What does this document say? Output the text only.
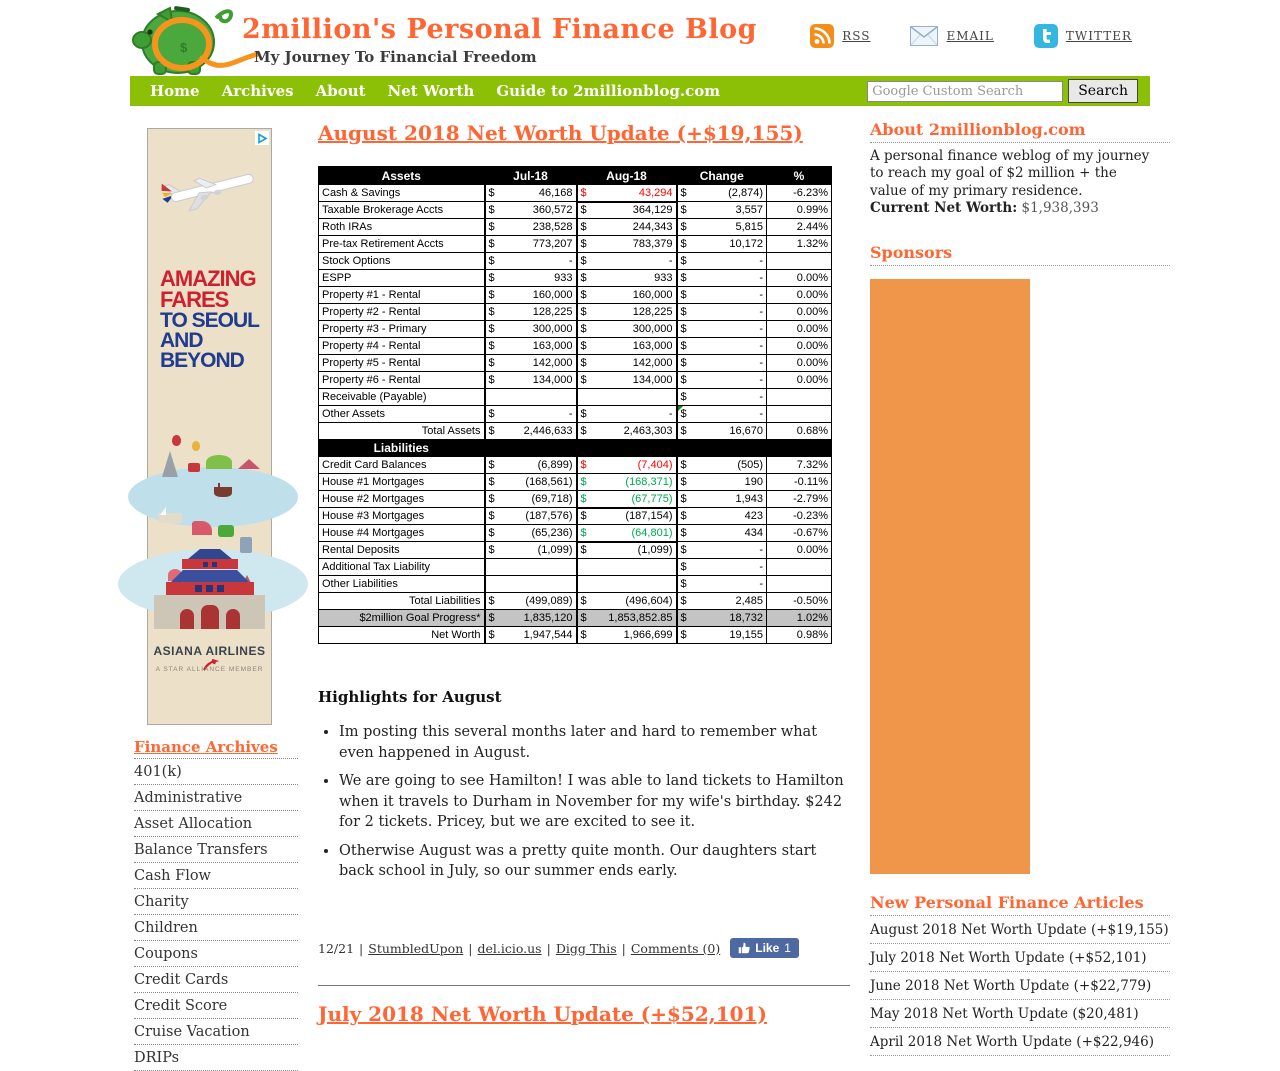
$
2million's Personal Finance Blog
My Journey To Financial Freedom
RSS	EMAIL	TWITTER
Home	Archives	About	Net Worth	Guide to 2millionblog.com
Google Custom Search	Search
AMAZING
FARES
TO SEOUL
AND
BEYOND
ASIANA AIRLINES
A STAR ALLIANCE MEMBER
Finance Archives
401(k)
Administrative
Asset Allocation
Balance Transfers
Cash Flow
Charity
Children
Coupons
Credit Cards
Credit Score
Cruise Vacation
DRIPs
August 2018 Net Worth Update (+$19,155)
Assets	Jul-18	Aug-18	Change	%
Cash & Savings	$ 46,168	$ 43,294	$ (2,874)	-6.23%
Taxable Brokerage Accts	$ 360,572	$ 364,129	$ 3,557	0.99%
Roth IRAs	$ 238,528	$ 244,343	$ 5,815	2.44%
Pre-tax Retirement Accts	$ 773,207	$ 783,379	$ 10,172	1.32%
Stock Options	$ -	$ -	$ -	

ESPP	$ 933	$ 933	$ -	0.00%
Property #1 - Rental	$ 160,000	$ 160,000	$ -	0.00%
Property #2 - Rental	$ 128,225	$ 128,225	$ -	0.00%
Property #3 - Primary	$ 300,000	$ 300,000	$ -	0.00%
Property #4 - Rental	$ 163,000	$ 163,000	$ -	0.00%
Property #5 - Rental	$ 142,000	$ 142,000	$ -	0.00%
Property #6 - Rental	$ 134,000	$ 134,000	$ -	0.00%
Receivable (Payable)			$ -	

Other Assets	$ -	$ -	$ -	

Total Assets	$ 2,446,633	$ 2,463,303	$ 16,670	0.68%
Liabilities				
Credit Card Balances	$ (6,899)	$ (7,404)	$ (505)	7.32%
House #1 Mortgages	$ (168,561)	$ (168,371)	$ 190	-0.11%
House #2 Mortgages	$ (69,718)	$ (67,775)	$ 1,943	-2.79%
House #3 Mortgages	$ (187,576)	$ (187,154)	$ 423	-0.23%
House #4 Mortgages	$ (65,236)	$ (64,801)	$ 434	-0.67%
Rental Deposits	$ (1,099)	$ (1,099)	$ -	0.00%
Additional Tax Liability			$ -	

Other Liabilities			$ -	

Total Liabilities	$ (499,089)	$ (496,604)	$ 2,485	-0.50%
$2million Goal Progress*	$ 1,835,120	$ 1,853,852.85	$ 18,732	1.02%
Net Worth	$ 1,947,544	$ 1,966,699	$ 19,155	0.98%
Highlights for August
• Im posting this several months later and hard to remember what even happened in August.
• We are going to see Hamilton! I was able to land tickets to Hamilton when it travels to Durham in November for my wife's birthday. $242 for 2 tickets. Pricey, but we are excited to see it.
• Otherwise August was a pretty quite month. Our daughters start back school in July, so our summer ends early.
12/21 | StumbledUpon | del.icio.us | Digg This | Comments (0)	Like 1
July 2018 Net Worth Update (+$52,101)
About 2millionblog.com
A personal finance weblog of my journey to reach my goal of $2 million + the value of my primary residence.
Current Net Worth: $1,938,393
Sponsors
New Personal Finance Articles
August 2018 Net Worth Update (+$19,155)
July 2018 Net Worth Update (+$52,101)
June 2018 Net Worth Update (+$22,779)
May 2018 Net Worth Update ($20,481)
April 2018 Net Worth Update (+$22,946)
